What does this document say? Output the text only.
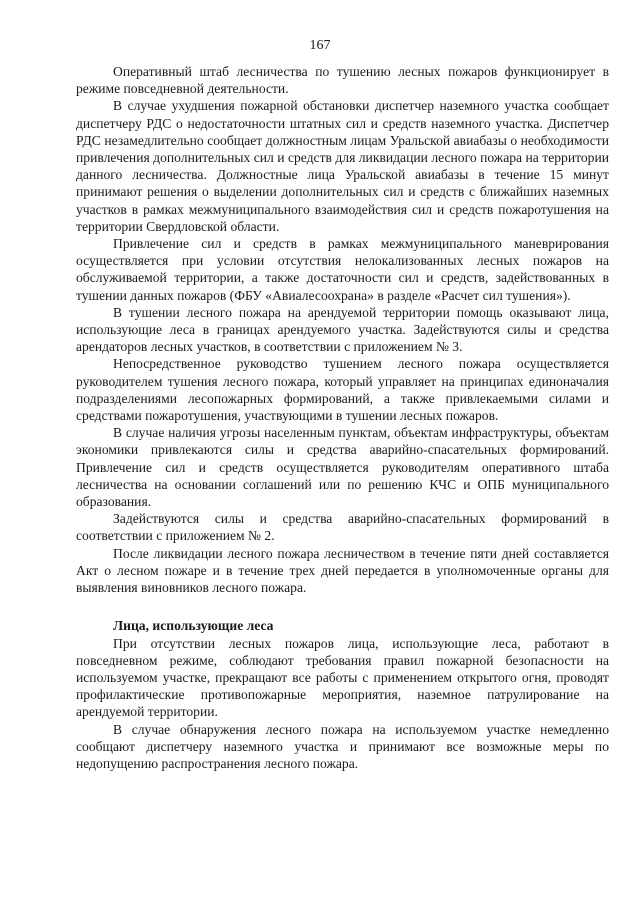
167

Оперативный штаб лесничества по тушению лесных пожаров функционирует в режиме повседневной деятельности.

В случае ухудшения пожарной обстановки диспетчер наземного участка сообщает диспетчеру РДС о недостаточности штатных сил и средств наземного участка. Диспетчер РДС незамедлительно сообщает должностным лицам Уральской авиабазы о необходимости привлечения дополнительных сил и средств для ликвидации лесного пожара на территории данного лесничества. Должностные лица Уральской авиабазы в течение 15 минут принимают решения о выделении дополнительных сил и средств с ближайших наземных участков в рамках межмуниципального взаимодействия сил и средств пожаротушения на территории Свердловской области.

Привлечение сил и средств в рамках межмуниципального маневрирования осуществляется при условии отсутствия нелокализованных лесных пожаров на обслуживаемой территории, а также достаточности сил и средств, задействованных в тушении данных пожаров (ФБУ «Авиалесоохрана» в разделе «Расчет сил тушения»).

В тушении лесного пожара на арендуемой территории помощь оказывают лица, использующие леса в границах арендуемого участка. Задействуются силы и средства арендаторов лесных участков, в соответствии с приложением № 3.

Непосредственное руководство тушением лесного пожара осуществляется руководителем тушения лесного пожара, который управляет на принципах единоначалия подразделениями лесопожарных формирований, а также привлекаемыми силами и средствами пожаротушения, участвующими в тушении лесных пожаров.

В случае наличия угрозы населенным пунктам, объектам инфраструктуры, объектам экономики привлекаются силы и средства аварийно-спасательных формирований. Привлечение сил и средств осуществляется руководителям оперативного штаба лесничества на основании соглашений или по решению КЧС и ОПБ муниципального образования.

Задействуются силы и средства аварийно-спасательных формирований в соответствии с приложением № 2.

После ликвидации лесного пожара лесничеством в течение пяти дней составляется Акт о лесном пожаре и в течение трех дней передается в уполномоченные органы для выявления виновников лесного пожара.

Лица, использующие леса

При отсутствии лесных пожаров лица, использующие леса, работают в повседневном режиме, соблюдают требования правил пожарной безопасности на используемом участке, прекращают все работы с применением открытого огня, проводят профилактические противопожарные мероприятия, наземное патрулирование на арендуемой территории.

В случае обнаружения лесного пожара на используемом участке немедленно сообщают диспетчеру наземного участка и принимают все возможные меры по недопущению распространения лесного пожара.
